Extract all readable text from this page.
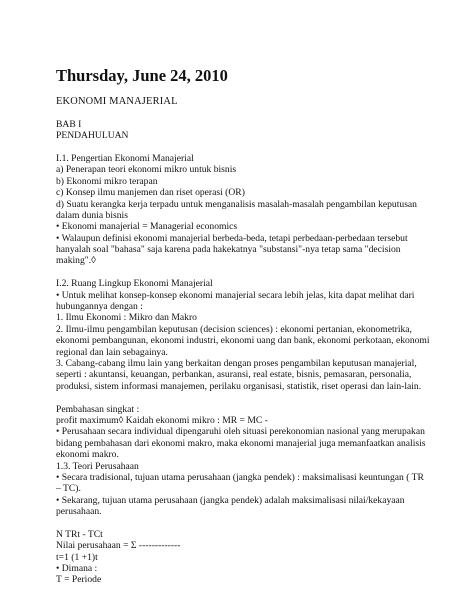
Thursday, June 24, 2010
EKONOMI MANAJERIAL
BAB I
PENDAHULUAN
I.1. Pengertian Ekonomi Manajerial
a) Penerapan teori ekonomi mikro untuk bisnis
b) Ekonomi mikro terapan
c) Konsep ilmu manjemen dan riset operasi (OR)
d) Suatu kerangka kerja terpadu untuk menganalisis masalah-masalah pengambilan keputusan
dalam dunia bisnis
• Ekonomi manajerial = Managerial economics
• Walaupun definisi ekonomi manajerial berbeda-beda, tetapi perbedaan-perbedaan tersebut
hanyalah soal "bahasa" saja karena pada hakekatnya "substansi"-nya tetap sama "decision
making".◊
I.2. Ruang Lingkup Ekonomi Manajerial
• Untuk melihat konsep-konsep ekonomi manajerial secara lebih jelas, kita dapat melihat dari
hubungannya dengan :
1. Ilmu Ekonomi : Mikro dan Makro
2. Ilmu-ilmu pengambilan keputusan (decision sciences) : ekonomi pertanian, ekonometrika,
ekonomi pembangunan, ekonomi industri, ekonomi uang dan bank, ekonomi perkotaan, ekonomi
regional dan lain sebagainya.
3. Cabang-cabang ilmu lain yang berkaitan dengan proses pengambilan keputusan manajerial,
seperti : akuntansi, keuangan, perbankan, asuransi, real estate, bisnis, pemasaran, personalia,
produksi, sistem informasi manajemen, perilaku organisasi, statistik, riset operasi dan lain-lain.
Pembahasan singkat :
profit maximum◊ Kaidah ekonomi mikro : MR = MC -
• Perusahaan secara individual dipengaruhi oleh situasi perekonomian nasional yang merupakan
bidang pembahasan dari ekonomi makro, maka ekonomi manajerial juga memanfaatkan analisis
ekonomi makro.
1.3. Teori Perusahaan
• Secara tradisional, tujuan utama perusahaan (jangka pendek) : maksimalisasi keuntungan ( TR
– TC).
• Sekarang, tujuan utama perusahaan (jangka pendek) adalah maksimalisasi nilai/kekayaan
perusahaan.
N TRt - TCt
Nilai perusahaan = Σ -------------
t=1 (1 +1)t
• Dimana :
T = Periode
